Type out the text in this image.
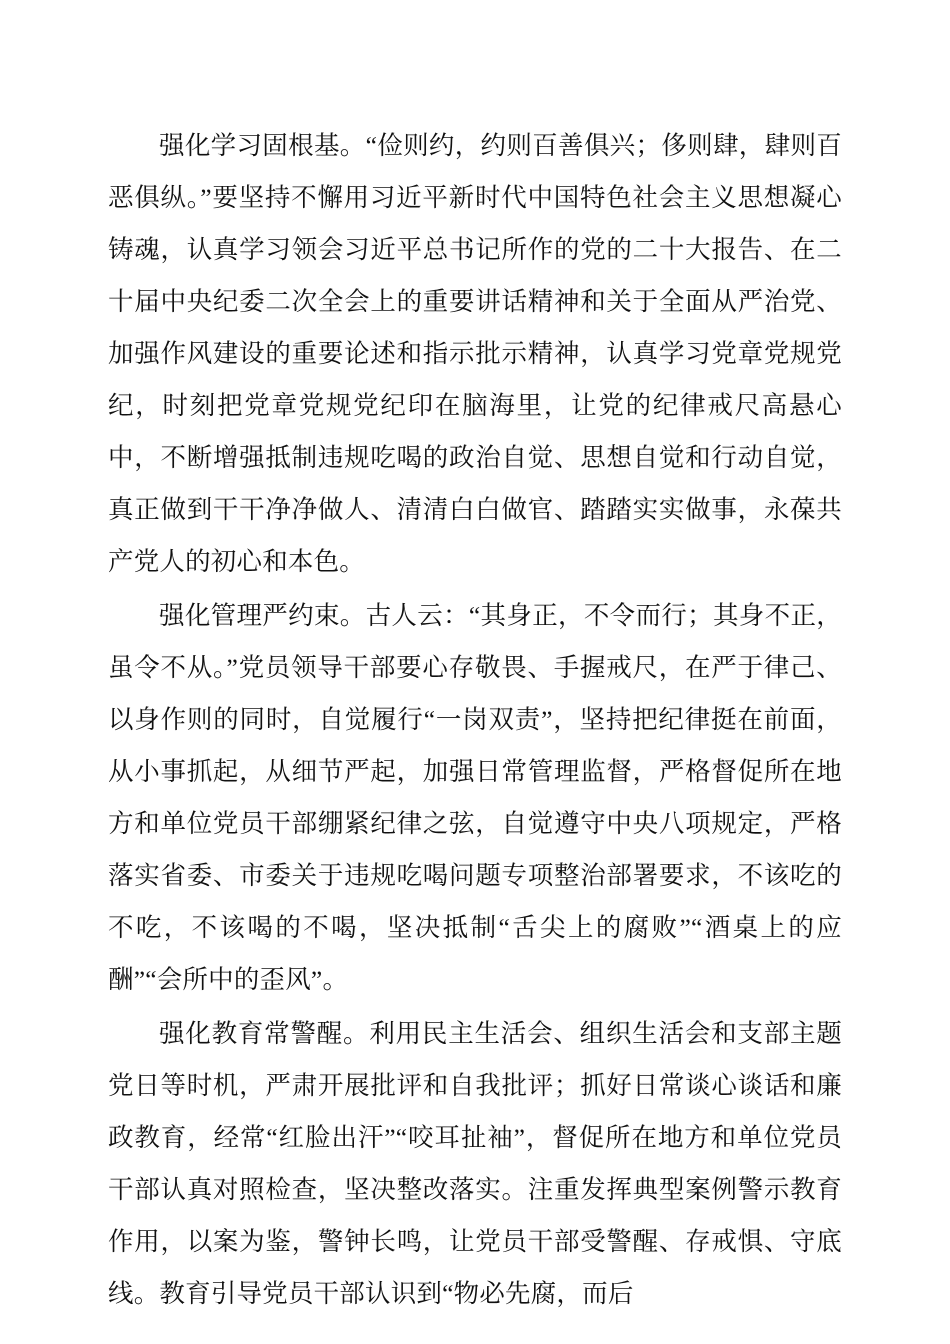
强化学习固根基。“俭则约，约则百善俱兴；侈则肆，肆则百恶俱纵。”要坚持不懈用习近平新时代中国特色社会主义思想凝心铸魂，认真学习领会习近平总书记所作的党的二十大报告、在二十届中央纪委二次全会上的重要讲话精神和关于全面从严治党、加强作风建设的重要论述和指示批示精神，认真学习党章党规党纪，时刻把党章党规党纪印在脑海里，让党的纪律戒尺高悬心中，不断增强抵制违规吃喝的政治自觉、思想自觉和行动自觉，真正做到干干净净做人、清清白白做官、踏踏实实做事，永葆共产党人的初心和本色。

强化管理严约束。古人云：“其身正，不令而行；其身不正，虽令不从。”党员领导干部要心存敬畏、手握戒尺，在严于律己、以身作则的同时，自觉履行“一岗双责”，坚持把纪律挺在前面，从小事抓起，从细节严起，加强日常管理监督，严格督促所在地方和单位党员干部绷紧纪律之弦，自觉遵守中央八项规定，严格落实省委、市委关于违规吃喝问题专项整治部署要求，不该吃的不吃，不该喝的不喝，坚决抵制“舌尖上的腐败”“酒桌上的应酬”“会所中的歪风”。

强化教育常警醒。利用民主生活会、组织生活会和支部主题党日等时机，严肃开展批评和自我批评；抓好日常谈心谈话和廉政教育，经常“红脸出汗”“咬耳扯袖”，督促所在地方和单位党员干部认真对照检查，坚决整改落实。注重发挥典型案例警示教育作用，以案为鉴，警钟长鸣，让党员干部受警醒、存戒惧、守底线。教育引导党员干部认识到“物必先腐，而后
